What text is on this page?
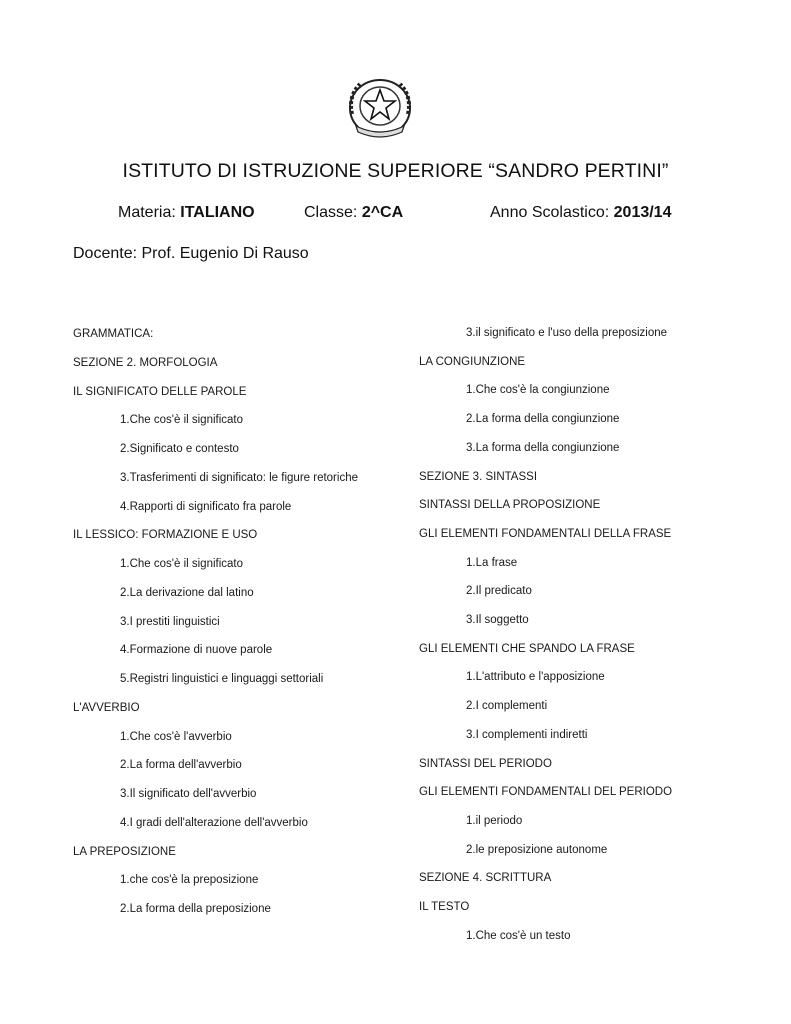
ISTITUTO DI ISTRUZIONE SUPERIORE “SANDRO PERTINI”
Materia: ITALIANO	Classe: 2^CA	Anno Scolastico: 2013/14
Docente: Prof. Eugenio Di Rauso
GRAMMATICA:
SEZIONE 2. MORFOLOGIA
IL SIGNIFICATO DELLE PAROLE
1.Che cos'è il significato
2.Significato e contesto
3.Trasferimenti di significato: le figure retoriche
4.Rapporti di significato fra parole
IL LESSICO: FORMAZIONE E USO
1.Che cos'è il significato
2.La derivazione dal latino
3.I prestiti linguistici
4.Formazione di nuove parole
5.Registri linguistici e linguaggi settoriali
L'AVVERBIO
1.Che cos'è l'avverbio
2.La forma dell'avverbio
3.Il significato dell'avverbio
4.I gradi dell'alterazione dell'avverbio
LA PREPOSIZIONE
1.che cos'è la preposizione
2.La forma della preposizione
3.il significato e l'uso della preposizione
LA CONGIUNZIONE
1.Che cos'è la congiunzione
2.La forma della congiunzione
3.La forma della congiunzione
SEZIONE 3. SINTASSI
SINTASSI DELLA PROPOSIZIONE
GLI ELEMENTI FONDAMENTALI DELLA FRASE
1.La frase
2.Il predicato
3.Il soggetto
GLI ELEMENTI CHE SPANDO LA FRASE
1.L'attributo e l'apposizione
2.I complementi
3.I complementi indiretti
SINTASSI DEL PERIODO
GLI ELEMENTI FONDAMENTALI DEL PERIODO
1.il periodo
2.le preposizione autonome
SEZIONE 4. SCRITTURA
IL TESTO
1.Che cos'è un testo
